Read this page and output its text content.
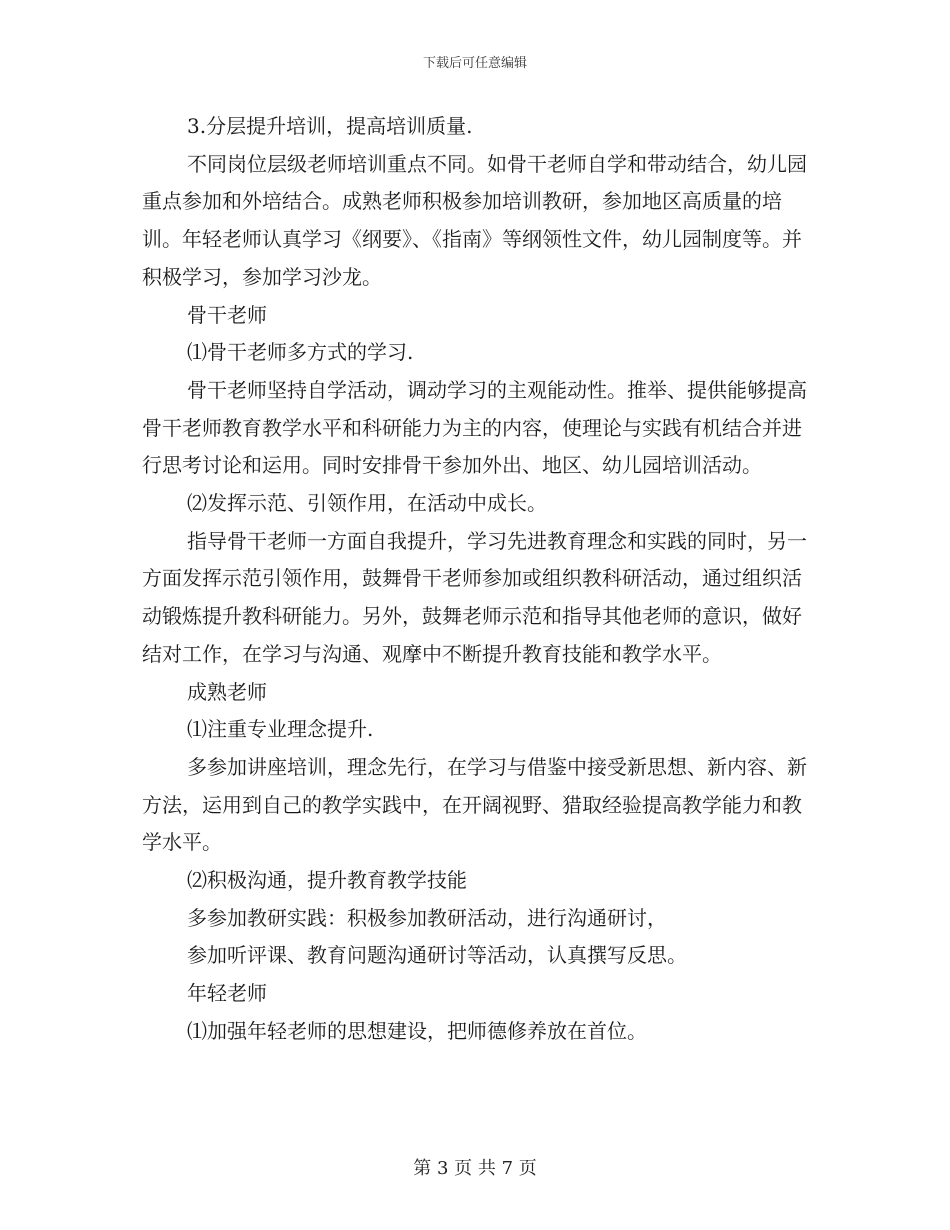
下载后可任意编辑

3.分层提升培训，提高培训质量.

不同岗位层级老师培训重点不同。如骨干老师自学和带动结合，幼儿园重点参加和外培结合。成熟老师积极参加培训教研，参加地区高质量的培训。年轻老师认真学习《纲要》、《指南》等纲领性文件，幼儿园制度等。并积极学习，参加学习沙龙。

骨干老师

⑴骨干老师多方式的学习.

骨干老师坚持自学活动，调动学习的主观能动性。推举、提供能够提高骨干老师教育教学水平和科研能力为主的内容，使理论与实践有机结合并进行思考讨论和运用。同时安排骨干参加外出、地区、幼儿园培训活动。

⑵发挥示范、引领作用，在活动中成长。

指导骨干老师一方面自我提升，学习先进教育理念和实践的同时，另一方面发挥示范引领作用，鼓舞骨干老师参加或组织教科研活动，通过组织活动锻炼提升教科研能力。另外，鼓舞老师示范和指导其他老师的意识，做好结对工作，在学习与沟通、观摩中不断提升教育技能和教学水平。

成熟老师

⑴注重专业理念提升.

多参加讲座培训，理念先行，在学习与借鉴中接受新思想、新内容、新方法，运用到自己的教学实践中，在开阔视野、猎取经验提高教学能力和教学水平。

⑵积极沟通，提升教育教学技能

多参加教研实践：积极参加教研活动，进行沟通研讨，

参加听评课、教育问题沟通研讨等活动，认真撰写反思。

年轻老师

⑴加强年轻老师的思想建设，把师德修养放在首位。

第 3 页 共 7 页
